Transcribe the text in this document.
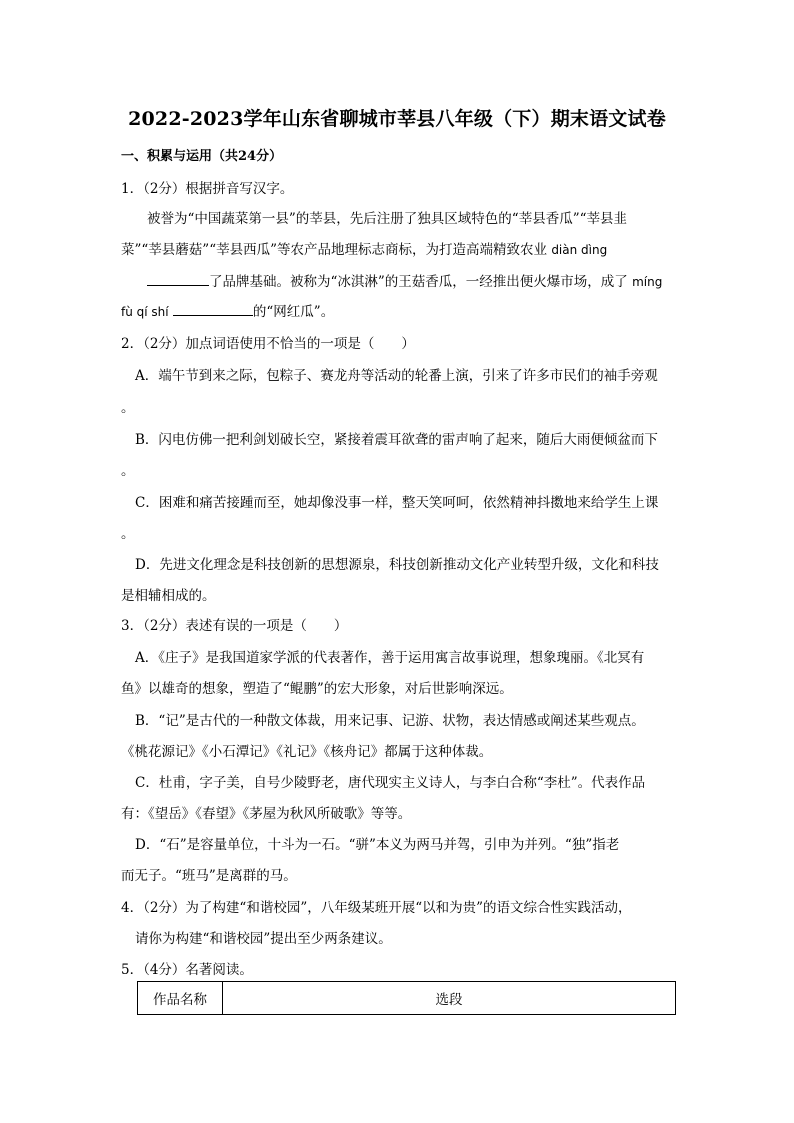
2022-2023学年山东省聊城市莘县八年级（下）期末语文试卷
一、积累与运用（共24分）
1．（2分）根据拼音写汉字。
被誉为“中国蔬菜第一县”的莘县，先后注册了独具区域特色的“莘县香瓜”“莘县韭
菜”“莘县蘑菇”“莘县西瓜”等农产品地理标志商标，为打造高端精致农业 diàn dìng
了品牌基础。被称为“冰淇淋”的王菇香瓜，一经推出便火爆市场，成了 míng
fù qí shí	的“网红瓜”。
2．（2分）加点词语使用不恰当的一项是（　　）
A．端午节到来之际，包粽子、赛龙舟等活动的轮番上演，引来了许多市民们的袖手旁观
。
B．闪电仿佛一把利剑划破长空，紧接着震耳欲聋的雷声响了起来，随后大雨便倾盆而下
。
C．困难和痛苦接踵而至，她却像没事一样，整天笑呵呵，依然精神抖擞地来给学生上课
。
D．先进文化理念是科技创新的思想源泉，科技创新推动文化产业转型升级，文化和科技
是相辅相成的。
3．（2分）表述有误的一项是（　　）
A．《庄子》是我国道家学派的代表著作，善于运用寓言故事说理，想象瑰丽。《北冥有
鱼》以雄奇的想象，塑造了“鲲鹏”的宏大形象，对后世影响深远。
B．“记”是古代的一种散文体裁，用来记事、记游、状物，表达情感或阐述某些观点。
《桃花源记》《小石潭记》《礼记》《核舟记》都属于这种体裁。
C．杜甫，字子美，自号少陵野老，唐代现实主义诗人，与李白合称“李杜”。代表作品
有：《望岳》《春望》《茅屋为秋风所破歌》等等。
D．“石”是容量单位，十斗为一石。“骈”本义为两马并驾，引申为并列。“独”指老
而无子。“班马”是离群的马。
4．（2分）为了构建“和谐校园”，八年级某班开展“以和为贵”的语文综合性实践活动，
请你为构建“和谐校园”提出至少两条建议。
5．（4分）名著阅读。
作品名称	选段
